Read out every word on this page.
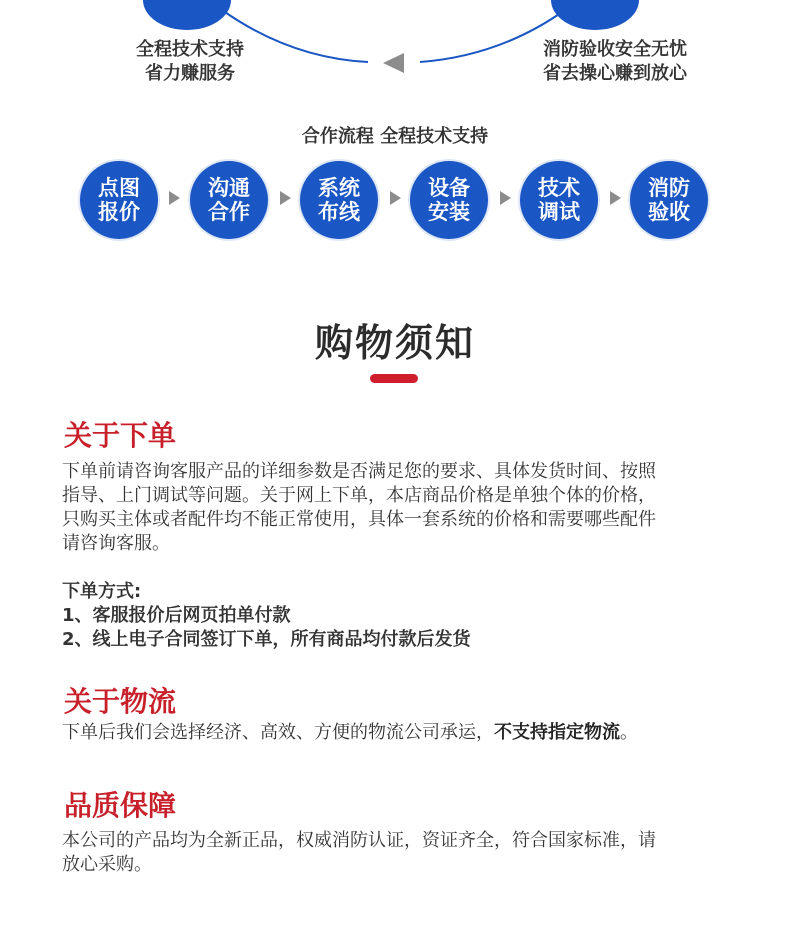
全程技术支持
省力赚服务
消防验收安全无忧
省去操心赚到放心
合作流程 全程技术支持
点图
报价
沟通
合作
系统
布线
设备
安装
技术
调试
消防
验收
购物须知
关于下单
下单前请咨询客服产品的详细参数是否满足您的要求、具体发货时间、按照
指导、上门调试等问题。关于网上下单，本店商品价格是单独个体的价格，
只购买主体或者配件均不能正常使用，具体一套系统的价格和需要哪些配件
请咨询客服。
下单方式:
1、客服报价后网页拍单付款
2、线上电子合同签订下单，所有商品均付款后发货
关于物流
下单后我们会选择经济、高效、方便的物流公司承运，不支持指定物流。
品质保障
本公司的产品均为全新正品，权威消防认证，资证齐全，符合国家标准，请
放心采购。
